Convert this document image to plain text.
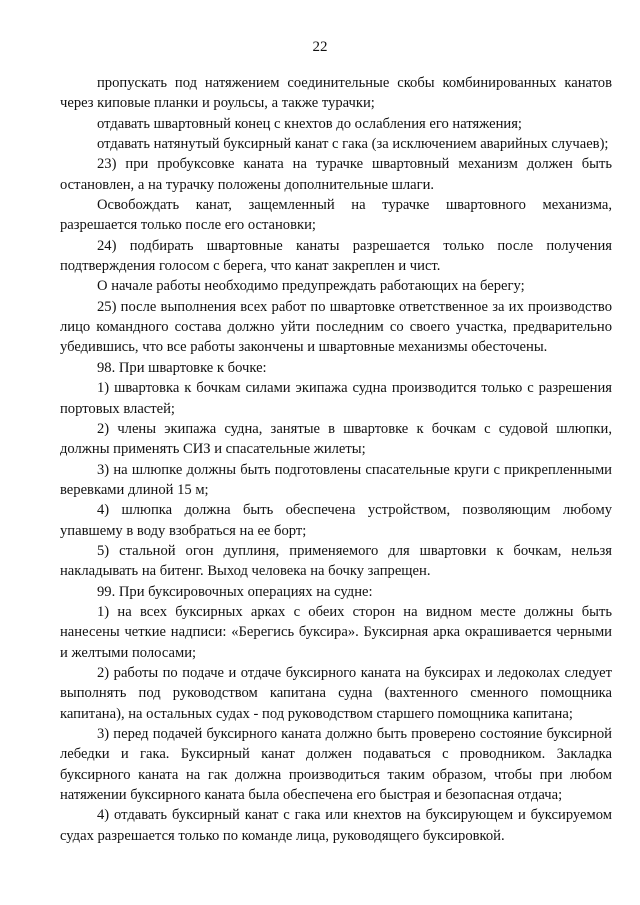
22

пропускать под натяжением соединительные скобы комбинированных канатов через киповые планки и роульсы, а также турачки;

отдавать швартовный конец с кнехтов до ослабления его натяжения;

отдавать натянутый буксирный канат с гака (за исключением аварийных случаев);

23) при пробуксовке каната на турачке швартовный механизм должен быть остановлен, а на турачку положены дополнительные шлаги.

Освобождать канат, защемленный на турачке швартовного механизма, разрешается только после его остановки;

24) подбирать швартовные канаты разрешается только после получения подтверждения голосом с берега, что канат закреплен и чист.

О начале работы необходимо предупреждать работающих на берегу;

25) после выполнения всех работ по швартовке ответственное за их производство лицо командного состава должно уйти последним со своего участка, предварительно убедившись, что все работы закончены и швартовные механизмы обесточены.

98. При швартовке к бочке:

1) швартовка к бочкам силами экипажа судна производится только с разрешения портовых властей;

2) члены экипажа судна, занятые в швартовке к бочкам с судовой шлюпки, должны применять СИЗ и спасательные жилеты;

3) на шлюпке должны быть подготовлены спасательные круги с прикрепленными веревками длиной 15 м;

4) шлюпка должна быть обеспечена устройством, позволяющим любому упавшему в воду взобраться на ее борт;

5) стальной огон дуплиня, применяемого для швартовки к бочкам, нельзя накладывать на битенг. Выход человека на бочку запрещен.

99. При буксировочных операциях на судне:

1) на всех буксирных арках с обеих сторон на видном месте должны быть нанесены четкие надписи: «Берегись буксира». Буксирная арка окрашивается черными и желтыми полосами;

2) работы по подаче и отдаче буксирного каната на буксирах и ледоколах следует выполнять под руководством капитана судна (вахтенного сменного помощника капитана), на остальных судах - под руководством старшего помощника капитана;

3) перед подачей буксирного каната должно быть проверено состояние буксирной лебедки и гака. Буксирный канат должен подаваться с проводником. Закладка буксирного каната на гак должна производиться таким образом, чтобы при любом натяжении буксирного каната была обеспечена его быстрая и безопасная отдача;

4) отдавать буксирный канат с гака или кнехтов на буксирующем и буксируемом судах разрешается только по команде лица, руководящего буксировкой.
